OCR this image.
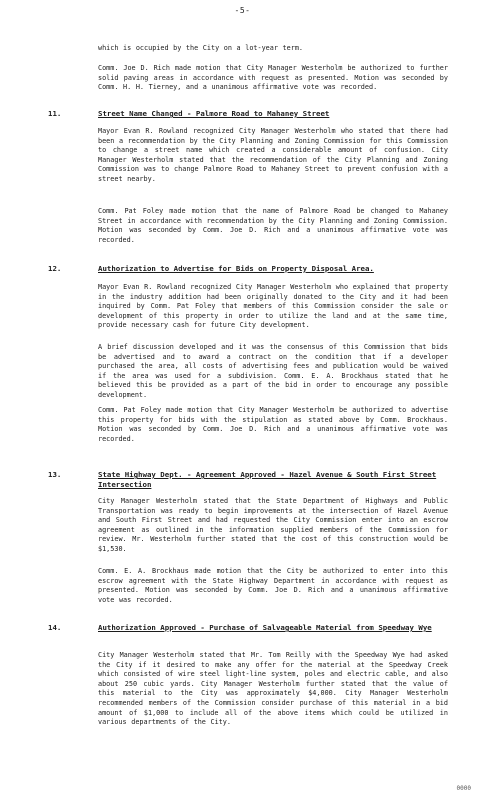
-5-
which is occupied by the City on a lot-year term.
Comm. Joe D. Rich made motion that City Manager Westerholm be authorized to further solid paving areas in accordance with request as presented. Motion was seconded by Comm. H. H. Tierney, and a unanimous affirmative vote was recorded.
11.	Street Name Changed - Palmore Road to Mahaney Street
Mayor Evan R. Rowland recognized City Manager Westerholm who stated that there had been a recommendation by the City Planning and Zoning Commission for this Commission to change a street name which created a considerable amount of confusion. City Manager Westerholm stated that the recommendation of the City Planning and Zoning Commission was to change Palmore Road to Mahaney Street to prevent confusion with a street nearby.
Comm. Pat Foley made motion that the name of Palmore Road be changed to Mahaney Street in accordance with recommendation by the City Planning and Zoning Commission. Motion was seconded by Comm. Joe D. Rich and a unanimous affirmative vote was recorded.
12.	Authorization to Advertise for Bids on Property Disposal Area.
Mayor Evan R. Rowland recognized City Manager Westerholm who explained that property in the industry addition had been originally donated to the City and it had been inquired by Comm. Pat Foley that members of this Commission consider the sale or development of this property in order to utilize the land and at the same time, provide necessary cash for future City development.
A brief discussion developed and it was the consensus of this Commission that bids be advertised and to award a contract on the condition that if a developer purchased the area, all costs of advertising fees and publication would be waived if the area was used for a subdivision. Comm. E. A. Brockhaus stated that he believed this be provided as a part of the bid in order to encourage any possible development.
Comm. Pat Foley made motion that City Manager Westerholm be authorized to advertise this property for bids with the stipulation as stated above by Comm. Brockhaus. Motion was seconded by Comm. Joe D. Rich and a unanimous affirmative vote was recorded.
13.	State Highway Dept. - Agreement Approved - Hazel Avenue & South First Street Intersection
City Manager Westerholm stated that the State Department of Highways and Public Transportation was ready to begin improvements at the intersection of Hazel Avenue and South First Street and had requested the City Commission enter into an escrow agreement as outlined in the information supplied members of the Commission for review. Mr. Westerholm further stated that the cost of this construction would be $1,530.
Comm. E. A. Brockhaus made motion that the City be authorized to enter into this escrow agreement with the State Highway Department in accordance with request as presented. Motion was seconded by Comm. Joe D. Rich and a unanimous affirmative vote was recorded.
14.	Authorization Approved - Purchase of Salvageable Material from Speedway Wye
City Manager Westerholm stated that Mr. Tom Reilly with the Speedway Wye had asked the City if it desired to make any offer for the material at the Speedway Creek which consisted of wire steel light-line system, poles and electric cable, and also about 250 cubic yards. City Manager Westerholm further stated that the value of this material to the City was approximately $4,000. City Manager Westerholm recommended members of the Commission consider purchase of this material in a bid amount of $1,000 to include all of the above items which could be utilized in various departments of the City.
0000
